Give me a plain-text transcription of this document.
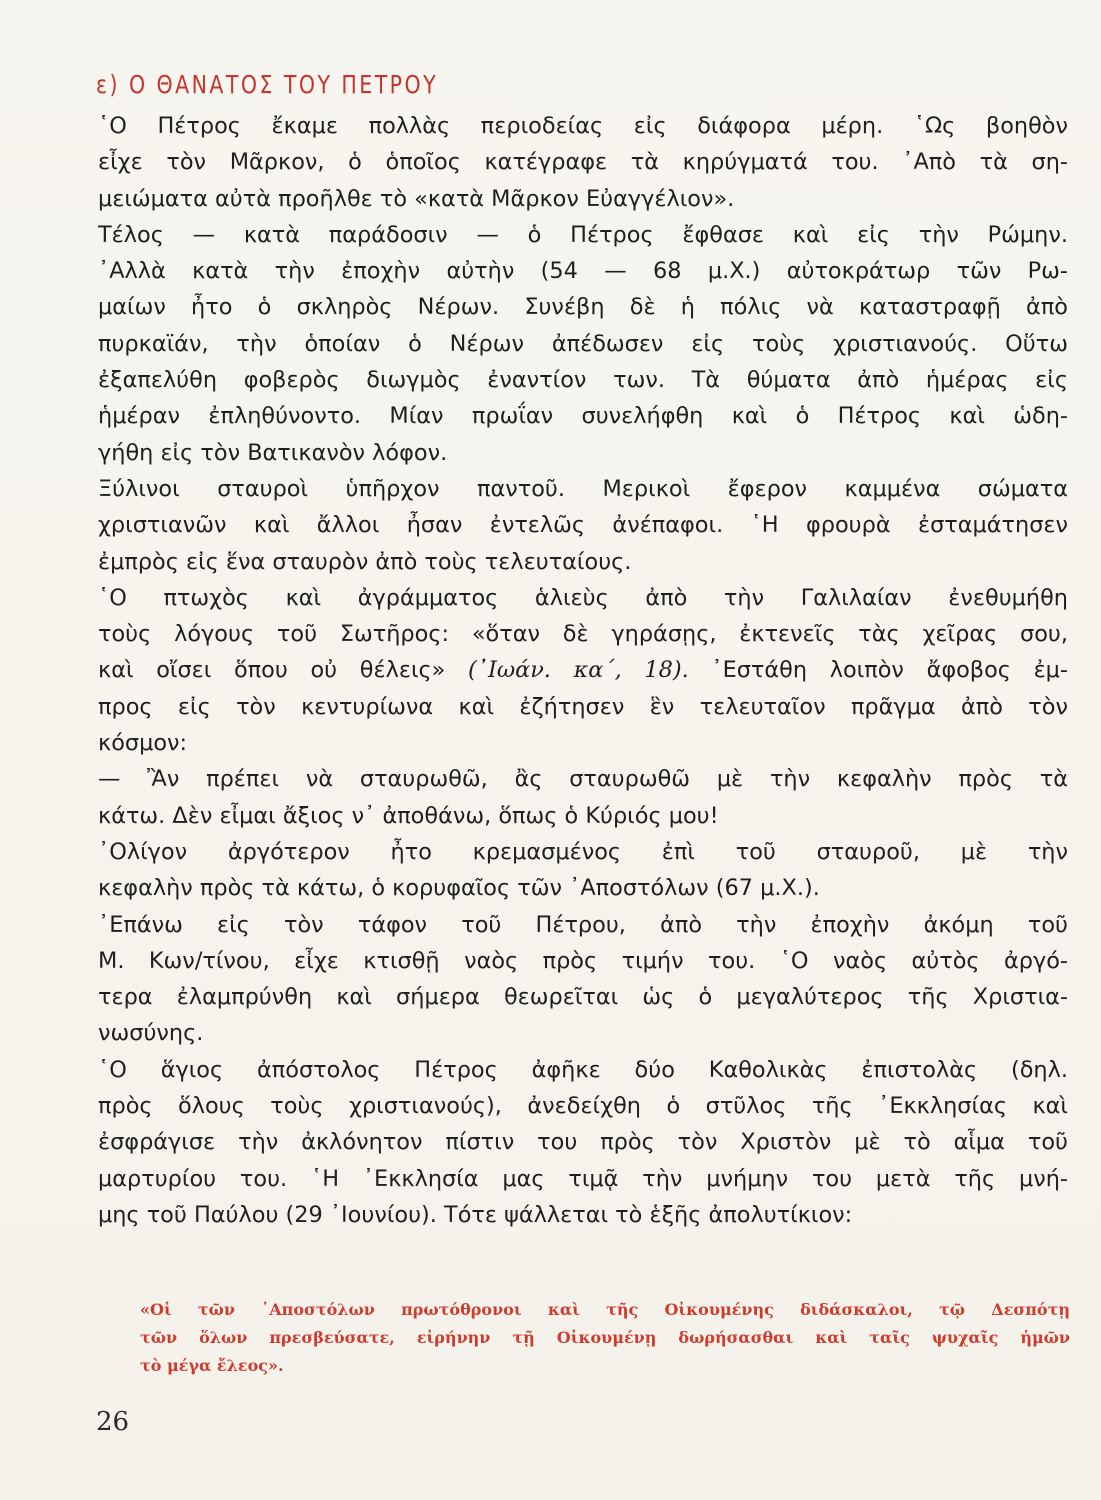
ε) Ο ΘΑΝΑΤΟΣ ΤΟΥ ΠΕΤΡΟΥ
῾Ο Πέτρος ἔκαμε πολλὰς περιοδείας εἰς διάφορα μέρη. ῾Ως βοηθὸν
εἶχε τὸν Μᾶρκον, ὁ ὁποῖος κατέγραφε τὰ κηρύγματά του. ᾿Απὸ τὰ ση-
μειώματα αὐτὰ προῆλθε τὸ «κατὰ Μᾶρκον Εὐαγγέλιον».
Τέλος — κατὰ παράδοσιν — ὁ Πέτρος ἔφθασε καὶ εἰς τὴν Ρώμην.
᾿Αλλὰ κατὰ τὴν ἐποχὴν αὐτὴν (54 — 68 μ.Χ.) αὐτοκράτωρ τῶν Ρω-
μαίων ἦτο ὁ σκληρὸς Νέρων. Συνέβη δὲ ἡ πόλις νὰ καταστραφῇ ἀπὸ
πυρκαϊάν, τὴν ὁποίαν ὁ Νέρων ἀπέδωσεν εἰς τοὺς χριστιανούς. Οὕτω
ἐξαπελύθη φοβερὸς διωγμὸς ἐναντίον των. Τὰ θύματα ἀπὸ ἡμέρας εἰς
ἡμέραν ἐπληθύνοντο. Μίαν πρωΐαν συνελήφθη καὶ ὁ Πέτρος καὶ ὡδη-
γήθη εἰς τὸν Βατικανὸν λόφον.
Ξύλινοι σταυροὶ ὑπῆρχον παντοῦ. Μερικοὶ ἔφερον καμμένα σώματα
χριστιανῶν καὶ ἄλλοι ἦσαν ἐντελῶς ἀνέπαφοι. ῾Η φρουρὰ ἐσταμάτησεν
ἐμπρὸς εἰς ἕνα σταυρὸν ἀπὸ τοὺς τελευταίους.
῾Ο πτωχὸς καὶ ἀγράμματος ἁλιεὺς ἀπὸ τὴν Γαλιλαίαν ἐνεθυμήθη
τοὺς λόγους τοῦ Σωτῆρος: «ὅταν δὲ γηράσῃς, ἐκτενεῖς τὰς χεῖρας σου,
καὶ οἴσει ὅπου οὐ θέλεις» (᾿Ιωάν. κα΄, 18). ᾿Εστάθη λοιπὸν ἄφοβος ἐμ-
προς εἰς τὸν κεντυρίωνα καὶ ἐζήτησεν ἓν τελευταῖον πρᾶγμα ἀπὸ τὸν
κόσμον:
— Ἂν πρέπει νὰ σταυρωθῶ, ἂς σταυρωθῶ μὲ τὴν κεφαλὴν πρὸς τὰ
κάτω. Δὲν εἶμαι ἄξιος ν᾿ ἀποθάνω, ὅπως ὁ Κύριός μου!
᾿Ολίγον ἀργότερον ἦτο κρεμασμένος ἐπὶ τοῦ σταυροῦ, μὲ τὴν
κεφαλὴν πρὸς τὰ κάτω, ὁ κορυφαῖος τῶν ᾿Αποστόλων (67 μ.Χ.).
᾿Επάνω εἰς τὸν τάφον τοῦ Πέτρου, ἀπὸ τὴν ἐποχὴν ἀκόμη τοῦ
Μ. Κων/τίνου, εἶχε κτισθῇ ναὸς πρὸς τιμήν του. ῾Ο ναὸς αὐτὸς ἀργό-
τερα ἐλαμπρύνθη καὶ σήμερα θεωρεῖται ὡς ὁ μεγαλύτερος τῆς Χριστια-
νωσύνης.
῾Ο ἅγιος ἀπόστολος Πέτρος ἀφῆκε δύο Καθολικὰς ἐπιστολὰς (δηλ.
πρὸς ὅλους τοὺς χριστιανούς), ἀνεδείχθη ὁ στῦλος τῆς ᾿Εκκλησίας καὶ
ἐσφράγισε τὴν ἀκλόνητον πίστιν του πρὸς τὸν Χριστὸν μὲ τὸ αἷμα τοῦ
μαρτυρίου του. ῾Η ᾿Εκκλησία μας τιμᾷ τὴν μνήμην του μετὰ τῆς μνή-
μης τοῦ Παύλου (29 ᾿Ιουνίου). Τότε ψάλλεται τὸ ἑξῆς ἀπολυτίκιον:
«Οἱ τῶν ᾿Αποστόλων πρωτόθρονοι καὶ τῆς Οἰκουμένης διδάσκαλοι, τῷ Δεσπότῃ
τῶν ὅλων πρεσβεύσατε, εἰρήνην τῇ Οἰκουμένῃ δωρήσασθαι καὶ ταῖς ψυχαῖς ἡμῶν
τὸ μέγα ἔλεος».
26
